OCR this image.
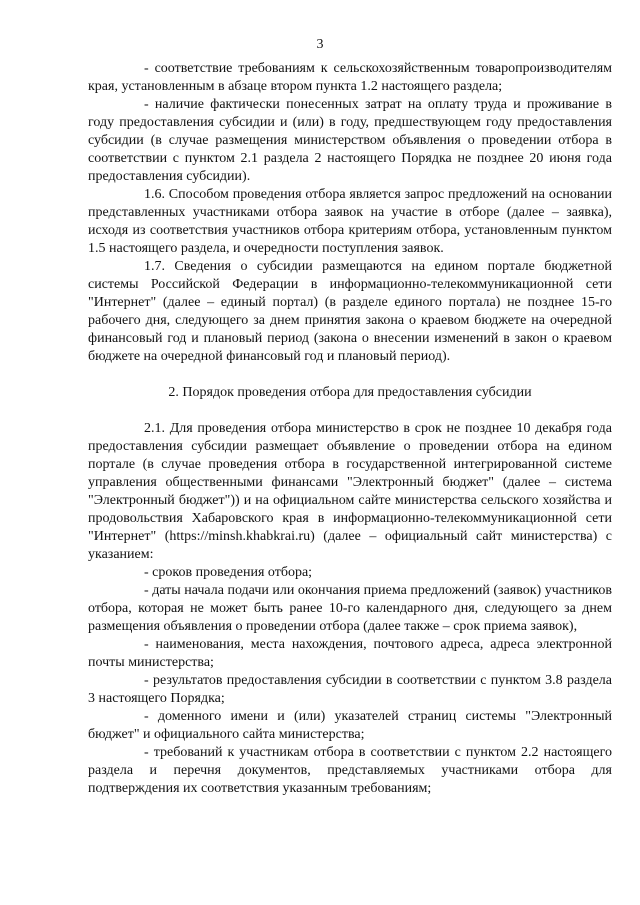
3

- соответствие требованиям к сельскохозяйственным товаропроизводителям края, установленным в абзаце втором пункта 1.2 настоящего раздела;

- наличие фактически понесенных затрат на оплату труда и проживание в году предоставления субсидии и (или) в году, предшествующем году предоставления субсидии (в случае размещения министерством объявления о проведении отбора в соответствии с пунктом 2.1 раздела 2 настоящего Порядка не позднее 20 июня года предоставления субсидии).

1.6. Способом проведения отбора является запрос предложений на основании представленных участниками отбора заявок на участие в отборе (далее – заявка), исходя из соответствия участников отбора критериям отбора, установленным пунктом 1.5 настоящего раздела, и очередности поступления заявок.

1.7. Сведения о субсидии размещаются на едином портале бюджетной системы Российской Федерации в информационно-телекоммуникационной сети "Интернет" (далее – единый портал) (в разделе единого портала) не позднее 15-го рабочего дня, следующего за днем принятия закона о краевом бюджете на очередной финансовый год и плановый период (закона о внесении изменений в закон о краевом бюджете на очередной финансовый год и плановый период).

2. Порядок проведения отбора для предоставления субсидии

2.1. Для проведения отбора министерство в срок не позднее 10 декабря года предоставления субсидии размещает объявление о проведении отбора на едином портале (в случае проведения отбора в государственной интегрированной системе управления общественными финансами "Электронный бюджет" (далее – система "Электронный бюджет")) и на официальном сайте министерства сельского хозяйства и продовольствия Хабаровского края в информационно-телекоммуникационной сети "Интернет" (https://minsh.khabkrai.ru) (далее – официальный сайт министерства) с указанием:

- сроков проведения отбора;

- даты начала подачи или окончания приема предложений (заявок) участников отбора, которая не может быть ранее 10-го календарного дня, следующего за днем размещения объявления о проведении отбора (далее также – срок приема заявок),

- наименования, места нахождения, почтового адреса, адреса электронной почты министерства;

- результатов предоставления субсидии в соответствии с пунктом 3.8 раздела 3 настоящего Порядка;

- доменного имени и (или) указателей страниц системы "Электронный бюджет" и официального сайта министерства;

- требований к участникам отбора в соответствии с пунктом 2.2 настоящего раздела и перечня документов, представляемых участниками отбора для подтверждения их соответствия указанным требованиям;
